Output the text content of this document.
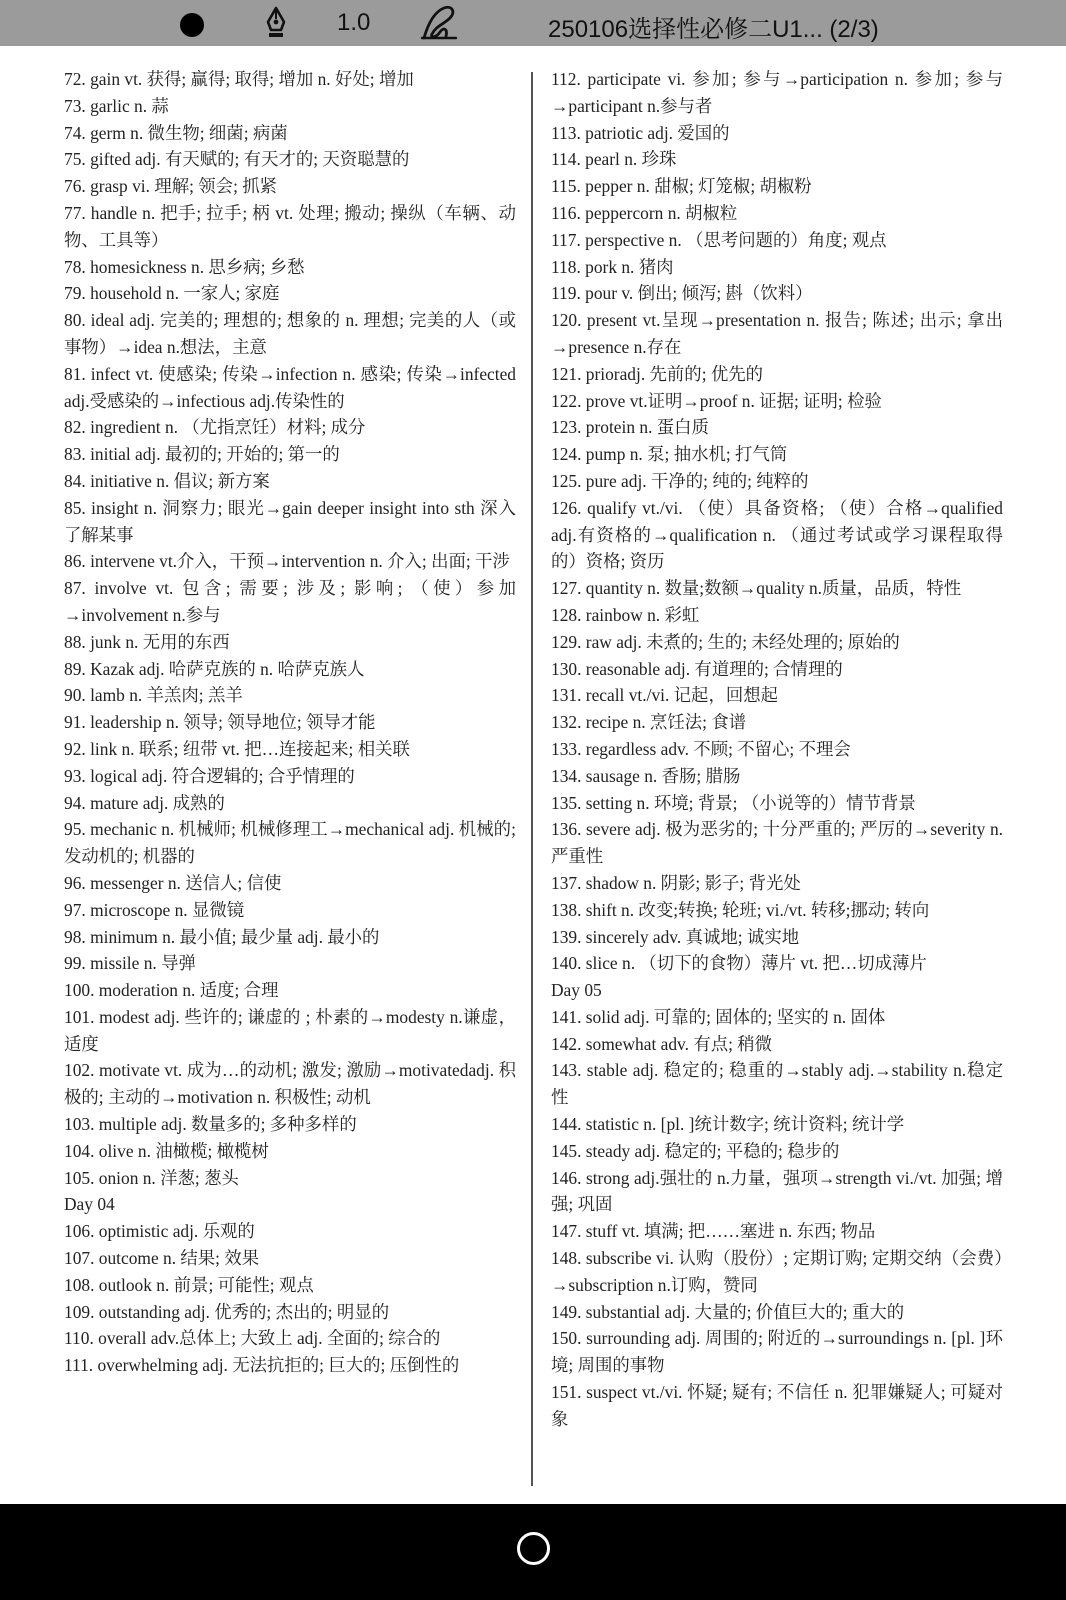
1.0	250106选择性必修二U1... (2/3)

72. gain vt. 获得; 赢得; 取得; 增加 n. 好处; 增加

73. garlic n. 蒜

74. germ n. 微生物; 细菌; 病菌

75. gifted adj. 有天赋的; 有天才的; 天资聪慧的

76. grasp vi. 理解; 领会; 抓紧

77. handle n. 把手; 拉手; 柄 vt. 处理; 搬动; 操纵（车辆、动物、工具等）

78. homesickness n. 思乡病; 乡愁

79. household n. 一家人; 家庭

80. ideal adj. 完美的; 理想的; 想象的 n. 理想; 完美的人（或事物）→idea n.想法，主意

81. infect vt. 使感染; 传染→infection n. 感染; 传染→infected adj.受感染的→infectious adj.传染性的

82. ingredient n. （尤指烹饪）材料; 成分

83. initial adj. 最初的; 开始的; 第一的

84. initiative n. 倡议; 新方案

85. insight n. 洞察力; 眼光→gain deeper insight into sth 深入了解某事

86. intervene vt.介入，干预→intervention n. 介入; 出面; 干涉

87. involve vt. 包含; 需要; 涉及; 影响; （使）参加→involvement n.参与

88. junk n. 无用的东西

89. Kazak adj. 哈萨克族的 n. 哈萨克族人

90. lamb n. 羊羔肉; 羔羊

91. leadership n. 领导; 领导地位; 领导才能

92. link n. 联系; 纽带 vt. 把…连接起来; 相关联

93. logical adj. 符合逻辑的; 合乎情理的

94. mature adj. 成熟的

95. mechanic n. 机械师; 机械修理工→mechanical adj. 机械的; 发动机的; 机器的

96. messenger n. 送信人; 信使

97. microscope n. 显微镜

98. minimum n. 最小值; 最少量 adj. 最小的

99. missile n. 导弹

100. moderation n. 适度; 合理

101. modest adj. 些许的; 谦虚的 ; 朴素的→modesty n.谦虚，适度

102. motivate vt. 成为…的动机; 激发; 激励→motivatedadj. 积极的; 主动的→motivation n. 积极性; 动机

103. multiple adj. 数量多的; 多种多样的

104. olive n. 油橄榄; 橄榄树

105. onion n. 洋葱; 葱头

Day 04

106. optimistic adj. 乐观的

107. outcome n. 结果; 效果

108. outlook n. 前景; 可能性; 观点

109. outstanding adj. 优秀的; 杰出的; 明显的

110. overall adv.总体上; 大致上 adj. 全面的; 综合的

111. overwhelming adj. 无法抗拒的; 巨大的; 压倒性的

112. participate vi. 参加; 参与→participation n. 参加; 参与→participant n.参与者

113. patriotic adj. 爱国的

114. pearl n. 珍珠

115. pepper n. 甜椒; 灯笼椒; 胡椒粉

116. peppercorn n. 胡椒粒

117. perspective n. （思考问题的）角度; 观点

118. pork n. 猪肉

119. pour v. 倒出; 倾泻; 斟（饮料）

120. present vt.呈现→presentation n. 报告; 陈述; 出示; 拿出→presence n.存在

121. prioradj. 先前的; 优先的

122. prove vt.证明→proof n. 证据; 证明; 检验

123. protein n. 蛋白质

124. pump n. 泵; 抽水机; 打气筒

125. pure adj. 干净的; 纯的; 纯粹的

126. qualify vt./vi. （使）具备资格; （使）合格→qualified adj.有资格的→qualification n. （通过考试或学习课程取得的）资格; 资历

127. quantity n. 数量;数额→quality n.质量，品质，特性

128. rainbow n. 彩虹

129. raw adj. 未煮的; 生的; 未经处理的; 原始的

130. reasonable adj. 有道理的; 合情理的

131. recall vt./vi. 记起，回想起

132. recipe n. 烹饪法; 食谱

133. regardless adv. 不顾; 不留心; 不理会

134. sausage n. 香肠; 腊肠

135. setting n. 环境; 背景; （小说等的）情节背景

136. severe adj. 极为恶劣的; 十分严重的; 严厉的→severity n.严重性

137. shadow n. 阴影; 影子; 背光处

138. shift n. 改变;转换; 轮班; vi./vt. 转移;挪动; 转向

139. sincerely adv. 真诚地; 诚实地

140. slice n. （切下的食物）薄片 vt. 把…切成薄片

Day 05

141. solid adj. 可靠的; 固体的; 坚实的 n. 固体

142. somewhat adv. 有点; 稍微

143. stable adj. 稳定的; 稳重的→stably adj.→stability n.稳定性

144. statistic n. [pl. ]统计数字; 统计资料; 统计学

145. steady adj. 稳定的; 平稳的; 稳步的

146. strong adj.强壮的 n.力量，强项→strength vi./vt. 加强; 增强; 巩固

147. stuff vt. 填满; 把……塞进 n. 东西; 物品

148. subscribe vi. 认购（股份）; 定期订购; 定期交纳（会费）→subscription n.订购，赞同

149. substantial adj. 大量的; 价值巨大的; 重大的

150. surrounding adj. 周围的; 附近的→surroundings n. [pl. ]环境; 周围的事物

151. suspect vt./vi. 怀疑; 疑有; 不信任 n. 犯罪嫌疑人; 可疑对象
